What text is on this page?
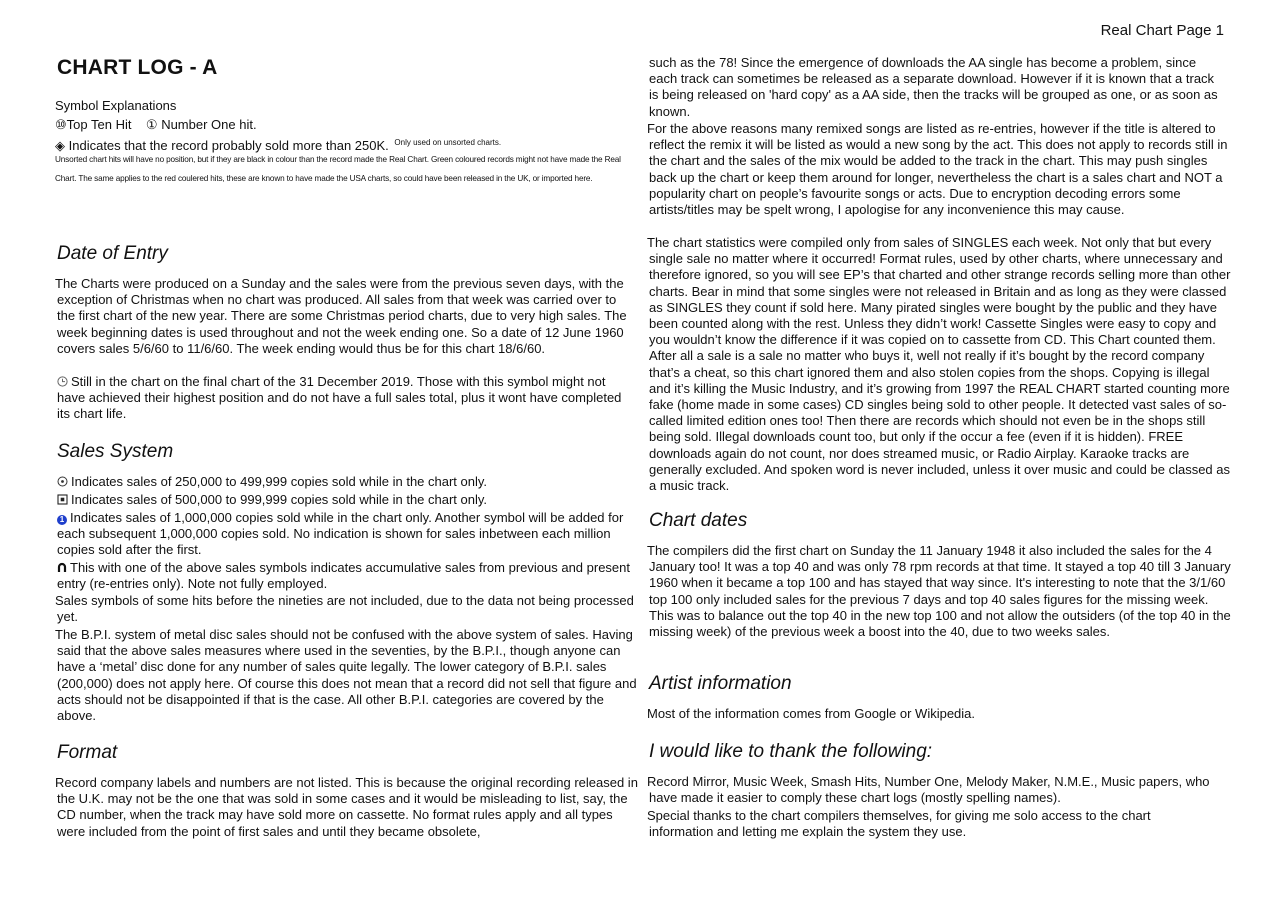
Real Chart Page 1
CHART LOG - A
Symbol Explanations
⑩Top Ten Hit ① Number One hit.
◈ Indicates that the record probably sold more than 250K. $^{Only used on unsorted charts.}$
Unsorted chart hits will have no position, but if they are black in colour than the record made the Real Chart. Green coloured records might not have made the Real Chart. The same applies to the red coulered hits, these are known to have made the USA charts, so could have been released in the UK, or imported here.
Date of Entry
The Charts were produced on a Sunday and the sales were from the previous seven days, with the exception of Christmas when no chart was produced. All sales from that week was carried over to the first chart of the new year. There are some Christmas period charts, due to very high sales. The week beginning dates is used throughout and not the week ending one. So a date of 12 June 1960 covers sales 5/6/60 to 11/6/60. The week ending would thus be for this chart 18/6/60.
Still in the chart on the final chart of the 31 December 2019. Those with this symbol might not have achieved their highest position and do not have a full sales total, plus it wont have completed its chart life.
Sales System
Indicates sales of 250,000 to 499,999 copies sold while in the chart only.
Indicates sales of 500,000 to 999,999 copies sold while in the chart only.
1 Indicates sales of 1,000,000 copies sold while in the chart only. Another symbol will be added for each subsequent 1,000,000 copies sold. No indication is shown for sales inbetween each million copies sold after the first.
This with one of the above sales symbols indicates accumulative sales from previous and present entry (re-entries only). Note not fully employed.
Sales symbols of some hits before the nineties are not included, due to the data not being processed yet.
The B.P.I. system of metal disc sales should not be confused with the above system of sales. Having said that the above sales measures where used in the seventies, by the B.P.I., though anyone can have a ‘metal’ disc done for any number of sales quite legally. The lower category of B.P.I. sales (200,000) does not apply here. Of course this does not mean that a record did not sell that figure and acts should not be disappointed if that is the case. All other B.P.I. categories are covered by the above.
Format
Record company labels and numbers are not listed. This is because the original recording released in the U.K. may not be the one that was sold in some cases and it would be misleading to list, say, the CD number, when the track may have sold more on cassette. No format rules apply and all types were included from the point of first sales and until they became obsolete,
such as the 78! Since the emergence of downloads the AA single has become a problem, since each track can sometimes be released as a separate download. However if it is known that a track is being released on 'hard copy' as a AA side, then the tracks will be grouped as one, or as soon as known.
For the above reasons many remixed songs are listed as re-entries, however if the title is altered to reflect the remix it will be listed as would a new song by the act. This does not apply to records still in the chart and the sales of the mix would be added to the track in the chart. This may push singles back up the chart or keep them around for longer, nevertheless the chart is a sales chart and NOT a popularity chart on people’s favourite songs or acts. Due to encryption decoding errors some artists/titles may be spelt wrong, I apologise for any inconvenience this may cause.
The chart statistics were compiled only from sales of SINGLES each week. Not only that but every single sale no matter where it occurred! Format rules, used by other charts, where unnecessary and therefore ignored, so you will see EP’s that charted and other strange records selling more than other charts. Bear in mind that some singles were not released in Britain and as long as they were classed as SINGLES they count if sold here. Many pirated singles were bought by the public and they have been counted along with the rest. Unless they didn’t work! Cassette Singles were easy to copy and you wouldn’t know the difference if it was copied on to cassette from CD. This Chart counted them. After all a sale is a sale no matter who buys it, well not really if it’s bought by the record company that’s a cheat, so this chart ignored them and also stolen copies from the shops. Copying is illegal and it’s killing the Music Industry, and it’s growing from 1997 the REAL CHART started counting more fake (home made in some cases) CD singles being sold to other people. It detected vast sales of so-called limited edition ones too! Then there are records which should not even be in the shops still being sold. Illegal downloads count too, but only if the occur a fee (even if it is hidden). FREE downloads again do not count, nor does streamed music, or Radio Airplay. Karaoke tracks are generally excluded. And spoken word is never included, unless it over music and could be classed as a music track.
Chart dates
The compilers did the first chart on Sunday the 11 January 1948 it also included the sales for the 4 January too! It was a top 40 and was only 78 rpm records at that time. It stayed a top 40 till 3 January 1960 when it became a top 100 and has stayed that way since. It's interesting to note that the 3/1/60 top 100 only included sales for the previous 7 days and top 40 sales figures for the missing week. This was to balance out the top 40 in the new top 100 and not allow the outsiders (of the top 40 in the missing week) of the previous week a boost into the 40, due to two weeks sales.
Artist information
Most of the information comes from Google or Wikipedia.
I would like to thank the following:
Record Mirror, Music Week, Smash Hits, Number One, Melody Maker, N.M.E., Music papers, who have made it easier to comply these chart logs (mostly spelling names).
Special thanks to the chart compilers themselves, for giving me solo access to the chart information and letting me explain the system they use.
